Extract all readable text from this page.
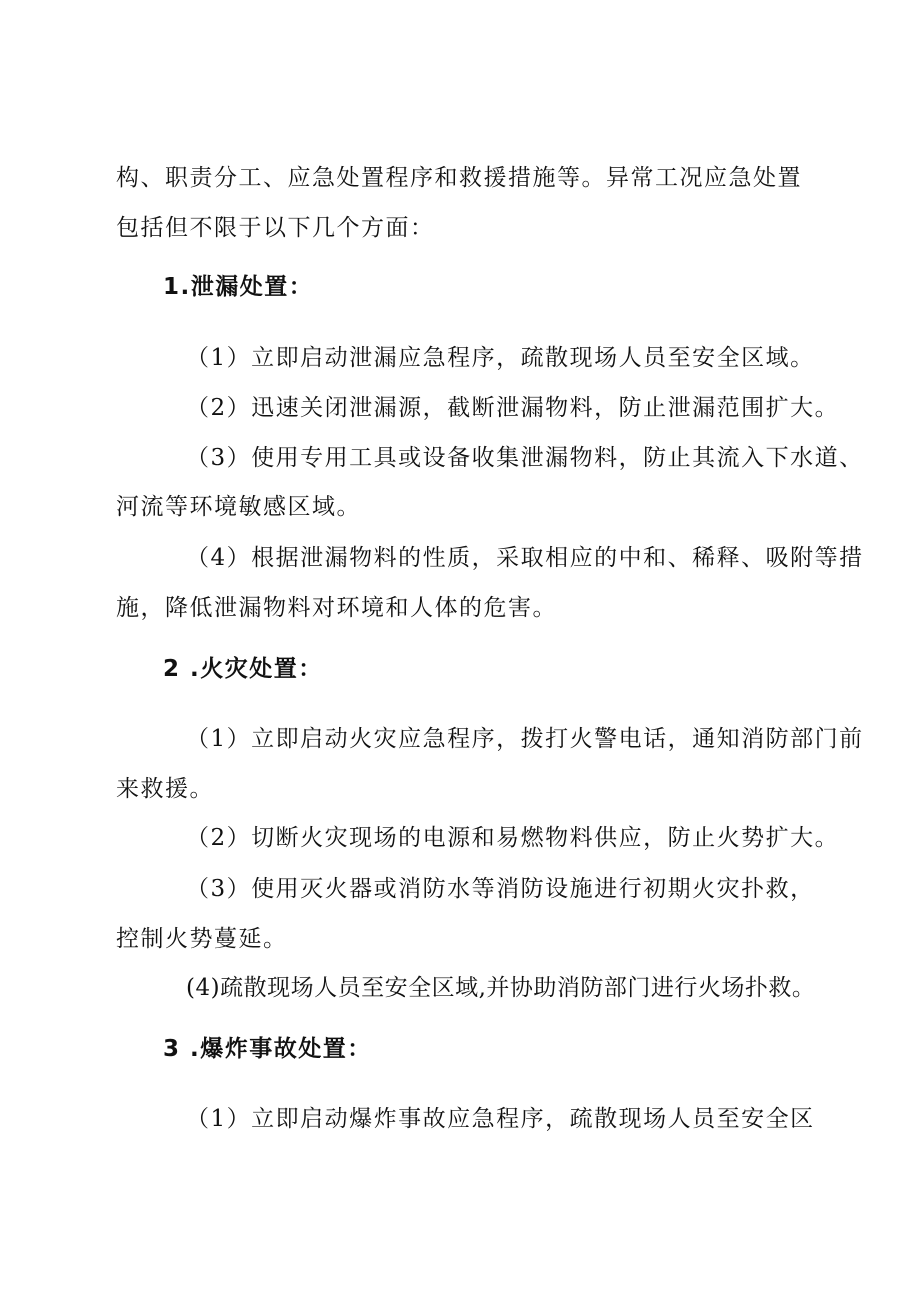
构、职责分工、应急处置程序和救援措施等。异常工况应急处置
包括但不限于以下几个方面：
1.泄漏处置：
（1）立即启动泄漏应急程序，疏散现场人员至安全区域。
（2）迅速关闭泄漏源，截断泄漏物料，防止泄漏范围扩大。
（3）使用专用工具或设备收集泄漏物料，防止其流入下水道、
河流等环境敏感区域。
（4）根据泄漏物料的性质，采取相应的中和、稀释、吸附等措
施，降低泄漏物料对环境和人体的危害。
2 .火灾处置：
（1）立即启动火灾应急程序，拨打火警电话，通知消防部门前
来救援。
（2）切断火灾现场的电源和易燃物料供应，防止火势扩大。
（3）使用灭火器或消防水等消防设施进行初期火灾扑救，
控制火势蔓延。
(4)疏散现场人员至安全区域,并协助消防部门进行火场扑救。
3 .爆炸事故处置：
（1）立即启动爆炸事故应急程序，疏散现场人员至安全区
